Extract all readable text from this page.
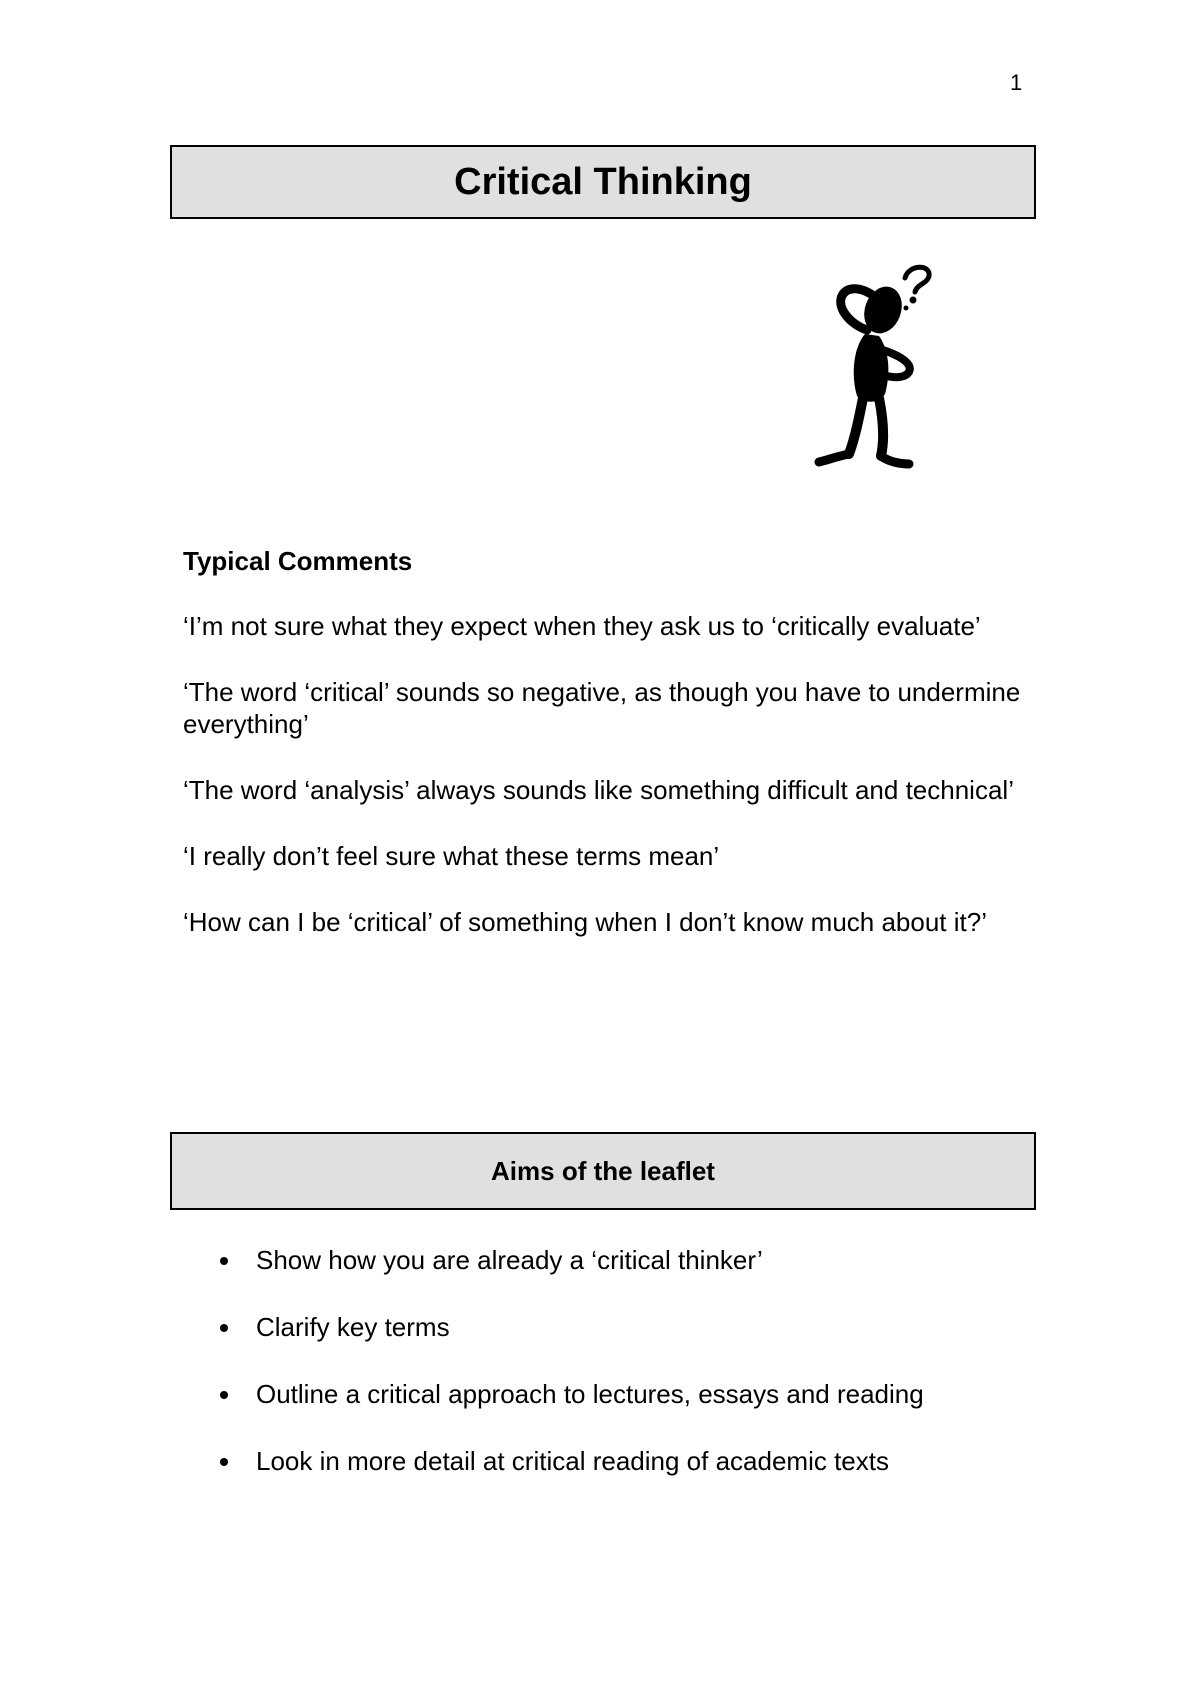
1
Critical Thinking
Typical Comments
‘I’m not sure what they expect when they ask us to ‘critically evaluate’
‘The word ‘critical’ sounds so negative, as though you have to undermine everything’
‘The word ‘analysis’ always sounds like something difficult and technical’
‘I really don’t feel sure what these terms mean’
‘How can I be ‘critical’ of something when I don’t know much about it?’
Aims of the leaflet
Show how you are already a ‘critical thinker’
Clarify key terms
Outline a critical approach to lectures, essays and reading
Look in more detail at critical reading of academic texts
